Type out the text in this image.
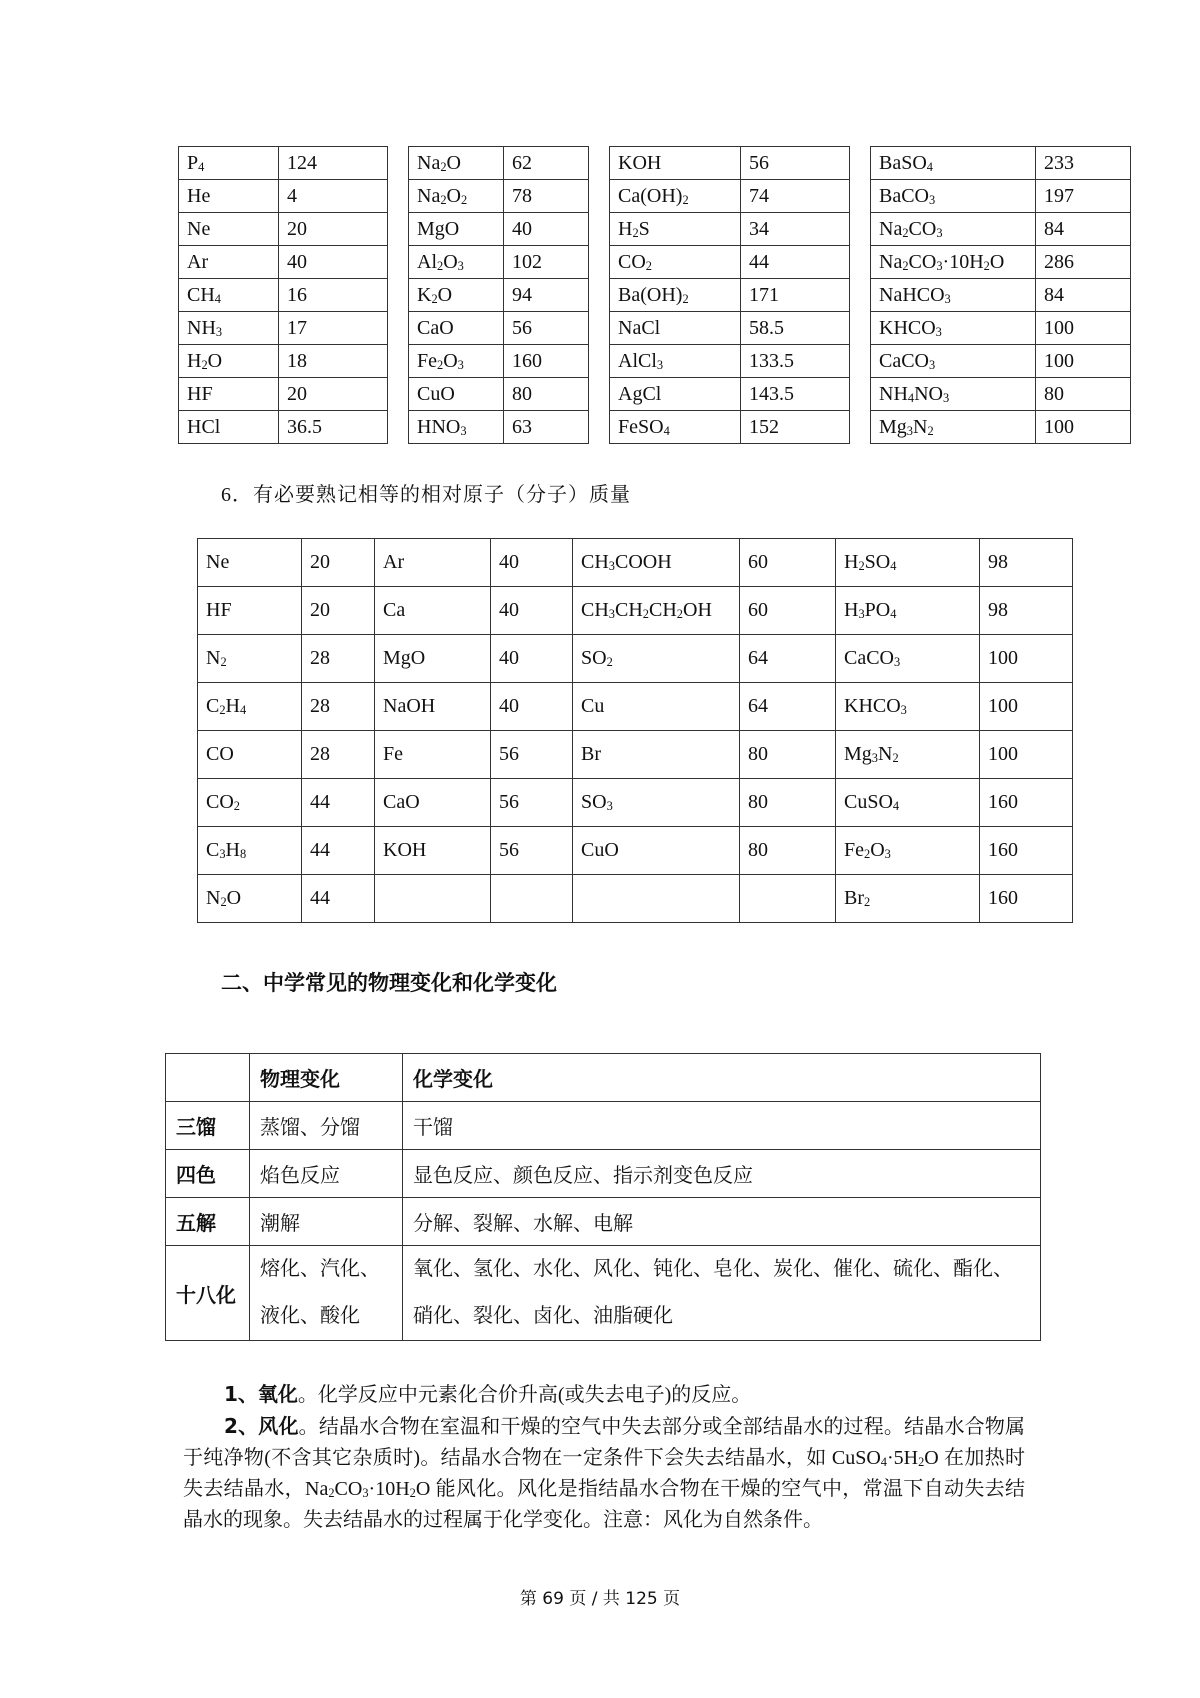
$P_4$	124		$Na_2O$	62		KOH	56		BaSO$_4$	233
He	4		$Na_2O_2$	78		$Ca(OH)_2$	74		BaCO$_3$	197
Ne	20		MgO	40		$H_2S$	34		$Na_2CO_3$	84
Ar	40		$Al_2O_3$	102		$CO_2$	44		$Na_2CO_3\cdot 10H_2O$	286
$CH_4$	16		$K_2O$	94		$Ba(OH)_2$	171		NaHCO$_3$	84
$NH_3$	17		CaO	56		NaCl	58.5		$KHCO_3$	100
$H_2O$	18		$Fe_2O_3$	160		AlCl$_3$	133.5		CaCO$_3$	100
HF	20		CuO	80		AgCl	143.5		$NH_4NO_3$	80
HCl	36.5		$HNO_3$	63		FeSO$_4$	152		$Mg_3N_2$	100
6．有必要熟记相等的相对原子（分子）质量
Ne	20	Ar	40	$CH_3COOH$	60	$H_2SO_4$	98
HF	20	Ca	40	$CH_3CH_2CH_2OH$	60	$H_3PO_4$	98
$N_2$	28	MgO	40	$SO_2$	64	CaCO$_3$	100
$C_2H_4$	28	NaOH	40	Cu	64	$KHCO_3$	100
CO	28	Fe	56	Br	80	$Mg_3N_2$	100
$CO_2$	44	CaO	56	$SO_3$	80	CuSO$_4$	160
$C_3H_8$	44	KOH	56	CuO	80	$Fe_2O_3$	160
$N_2O$	44					$Br_2$	160
二、中学常见的物理变化和化学变化
	物理变化	化学变化
三馏	蒸馏、分馏	干馏
四色	焰色反应	显色反应、颜色反应、指示剂变色反应
五解	潮解	分解、裂解、水解、电解
十八化	熔化、汽化、液化、酸化	氧化、氢化、水化、风化、钝化、皂化、炭化、催化、硫化、酯化、硝化、裂化、卤化、油脂硬化
1、氧化。化学反应中元素化合价升高(或失去电子)的反应。
2、风化。结晶水合物在室温和干燥的空气中失去部分或全部结晶水的过程。结晶水合物属于纯净物(不含其它杂质时)。结晶水合物在一定条件下会失去结晶水，如 $CuSO_4\cdot 5H_2O$ 在加热时失去结晶水，$Na_2CO_3\cdot 10H_2O$ 能风化。风化是指结晶水合物在干燥的空气中，常温下自动失去结晶水的现象。失去结晶水的过程属于化学变化。注意：风化为自然条件。
第 69 页 / 共 125 页
